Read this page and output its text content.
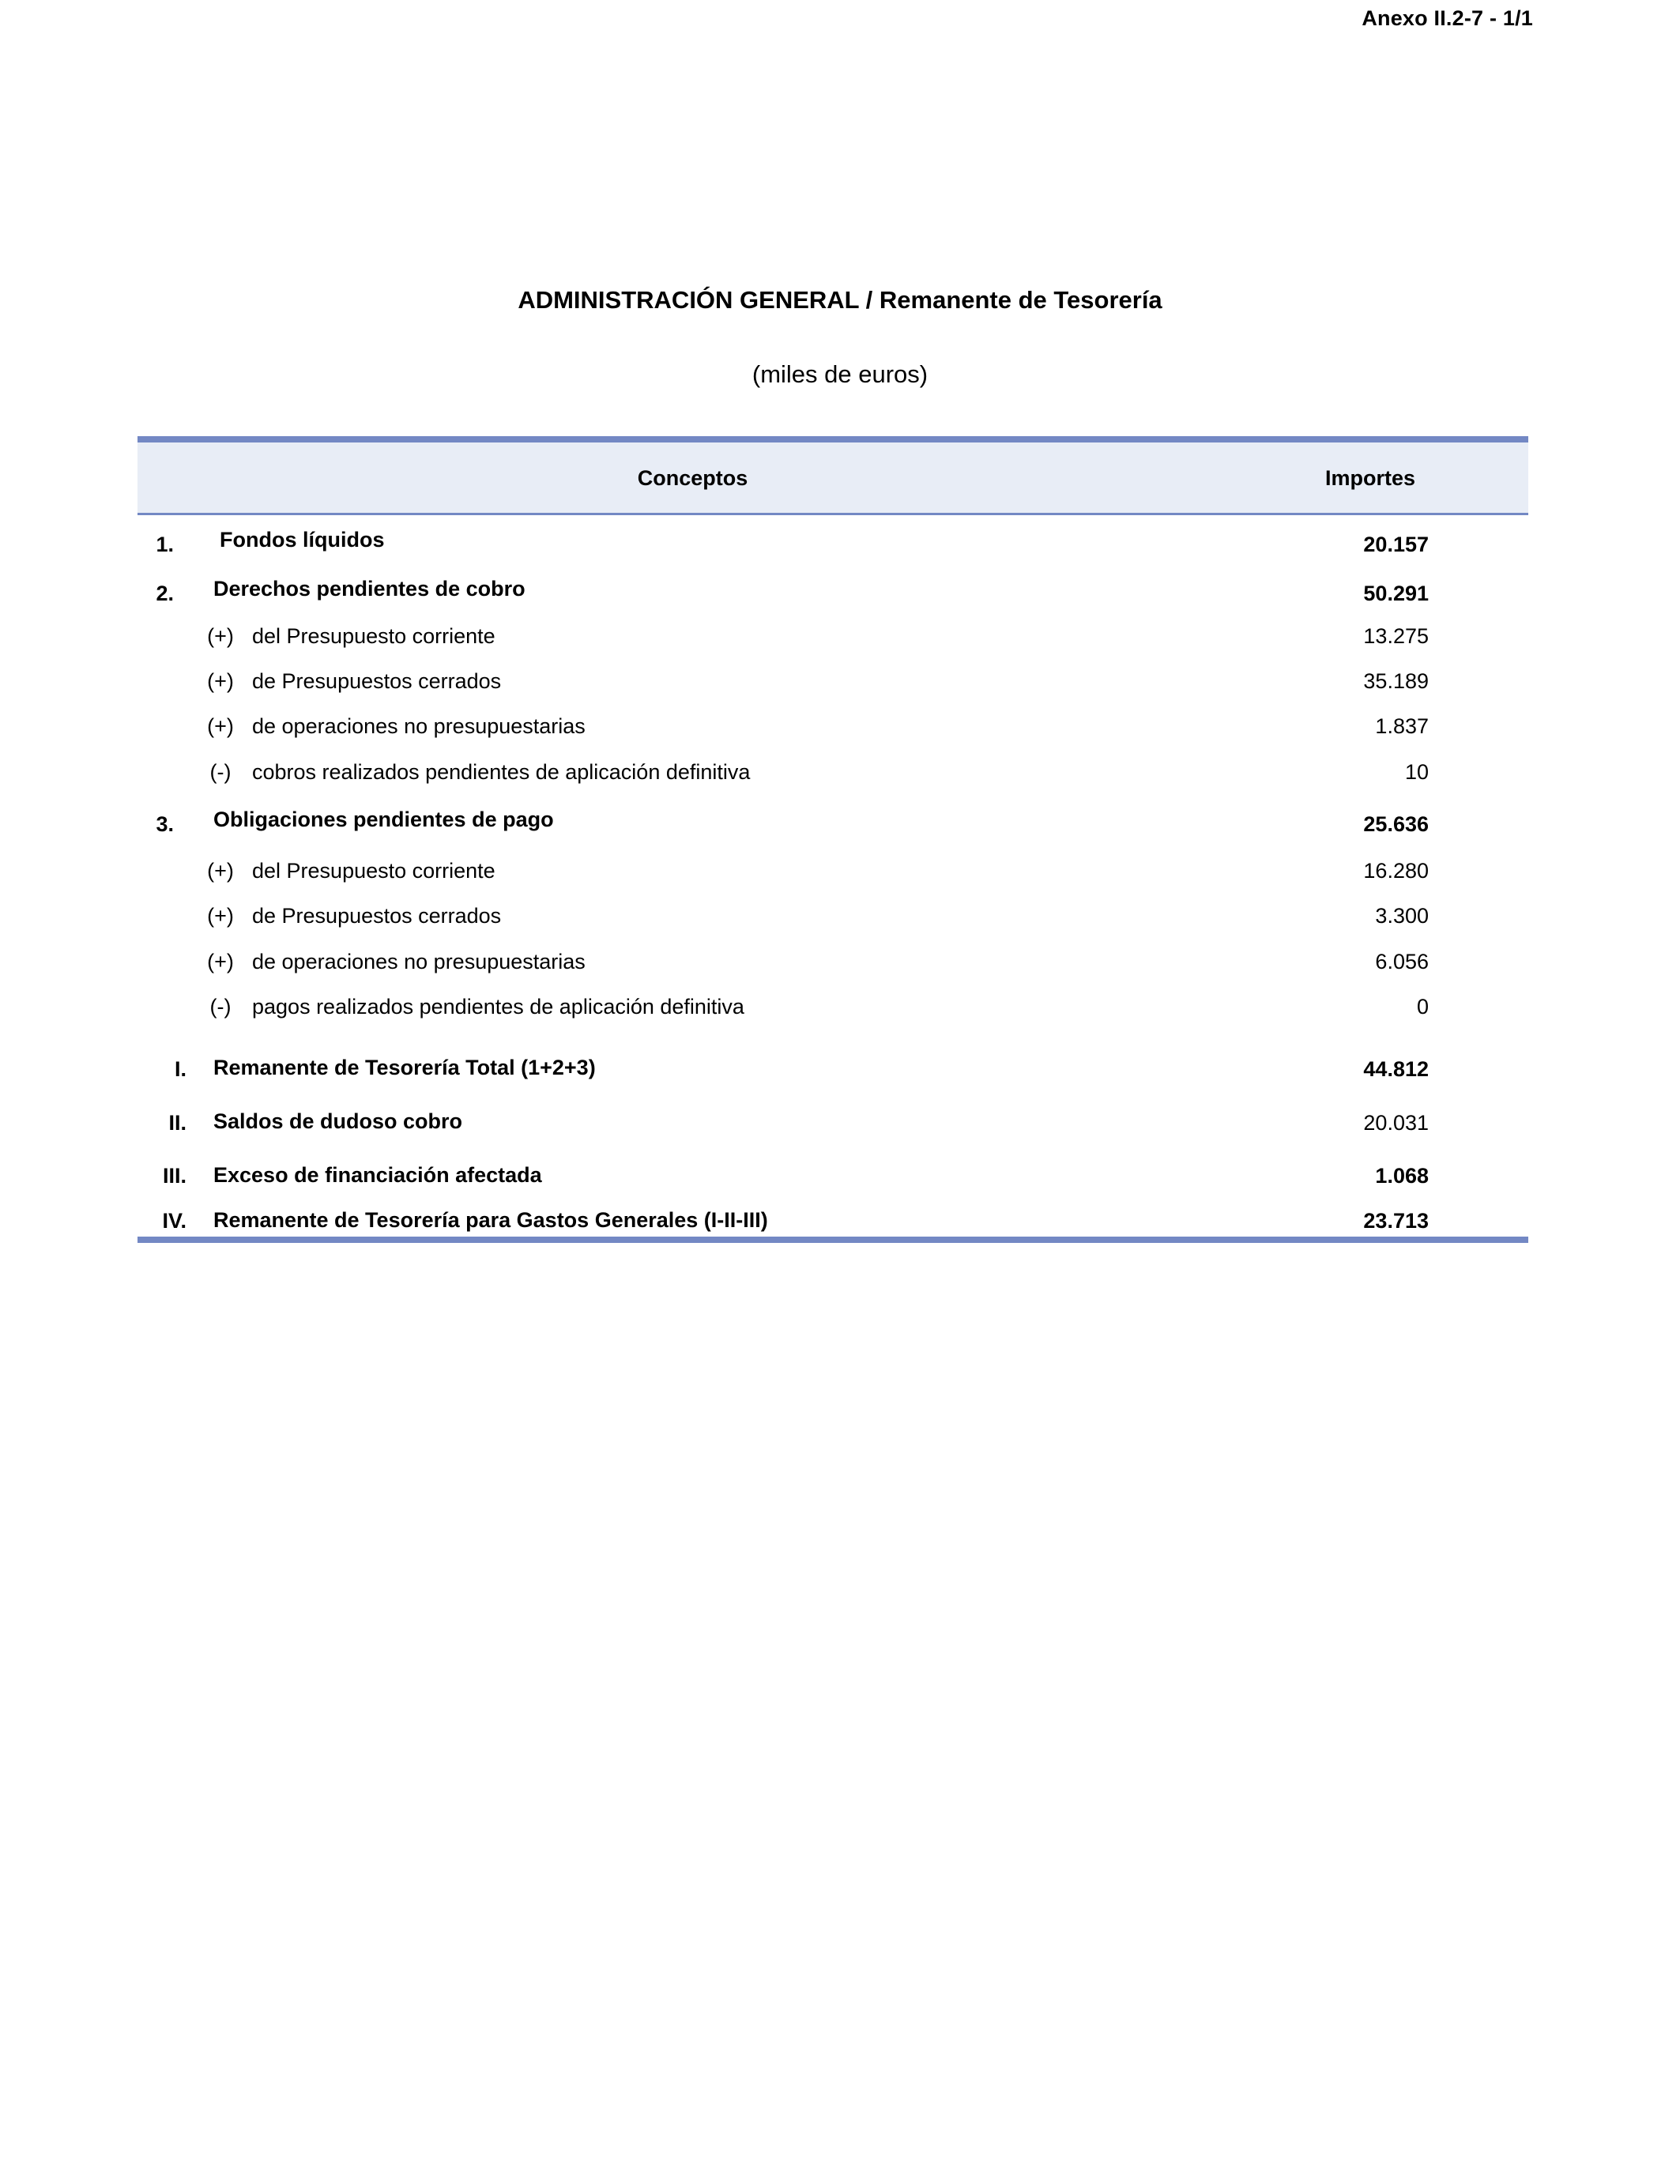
Anexo II.2-7 - 1/1
ADMINISTRACIÓN GENERAL / Remanente de Tesorería
(miles de euros)
Conceptos	Importes
1. Fondos líquidos	20.157
2. Derechos pendientes de cobro	50.291
(+) del Presupuesto corriente	13.275
(+) de Presupuestos cerrados	35.189
(+) de operaciones no presupuestarias	1.837
(-) cobros realizados pendientes de aplicación definitiva	10
3. Obligaciones pendientes de pago	25.636
(+) del Presupuesto corriente	16.280
(+) de Presupuestos cerrados	3.300
(+) de operaciones no presupuestarias	6.056
(-) pagos realizados pendientes de aplicación definitiva	0
I. Remanente de Tesorería Total (1+2+3)	44.812
II. Saldos de dudoso cobro	20.031
III. Exceso de financiación afectada	1.068
IV. Remanente de Tesorería para Gastos Generales (I-II-III)	23.713
